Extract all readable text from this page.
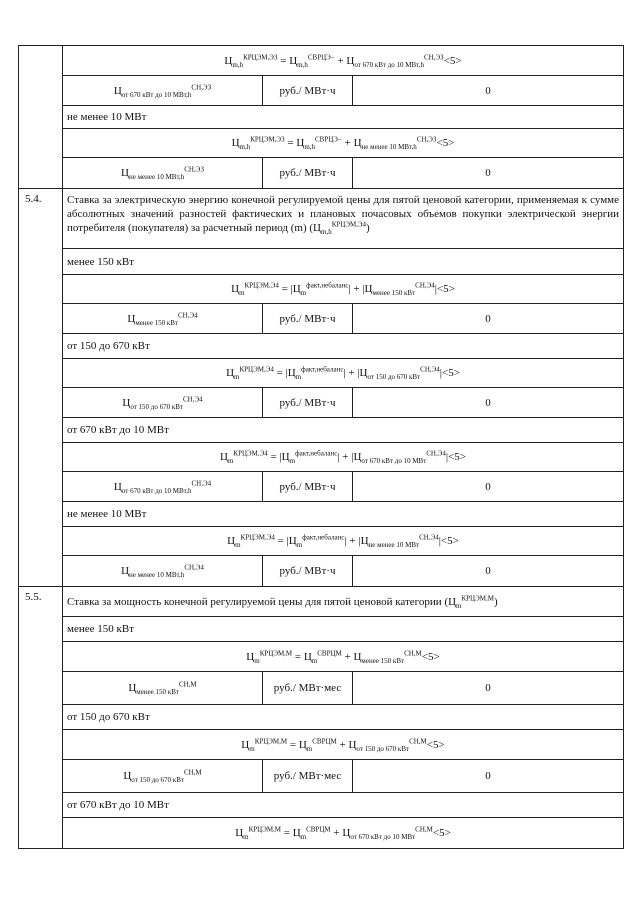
$Ц_{m,h}^{КРЦЭМ,ЭЗ} = Ц_{m,h}^{СВРЦЭ-} + Ц_{от 670 кВт до 10 МВт,h}^{СН,ЭЗ}<5>$
$Ц_{от 670 кВт до 10 МВт,h}^{СН,ЭЗ}$	руб./ МВт·ч	0
не менее 10 МВт
$Ц_{m,h}^{КРЦЭМ,ЭЗ} = Ц_{m,h}^{СВРЦЭ-} + Ц_{не менее 10 МВт,h}^{СН,ЭЗ}<5>$
$Ц_{не менее 10 МВт,h}^{СН,ЭЗ}$	руб./ МВт·ч	0
5.4.	Ставка за электрическую энергию конечной регулируемой цены для пятой ценовой категории, применяемая к сумме абсолютных значений разностей фактических и плановых почасовых объемов покупки электрической энергии потребителя (покупателя) за расчетный период (m) $(Ц_{m,h}^{КРЦЭМ,Э4})$
менее 150 кВт
$Ц_m^{КРЦЭМ,Э4} = |Ц_m^{факт,небаланс}| + |Ц_{менее 150 кВт}^{СН,Э4}|<5>$
$Ц_{менее 150 кВт}^{СН,Э4}$	руб./ МВт·ч	0
от 150 до 670 кВт
$Ц_m^{КРЦЭМ,Э4} = |Ц_m^{факт,небаланс}| + |Ц_{от 150 до 670 кВт}^{СН,Э4}|<5>$
$Ц_{от 150 до 670 кВт}^{СН,Э4}$	руб./ МВт·ч	0
от 670 кВт до 10 МВт
$Ц_m^{КРЦЭМ,Э4} = |Ц_m^{факт,небаланс}| + |Ц_{от 670 кВт до 10 МВт}^{СН,Э4}|<5>$
$Ц_{от 670 кВт до 10 МВт,h}^{СН,Э4}$	руб./ МВт·ч	0
не менее 10 МВт
$Ц_m^{КРЦЭМ,Э4} = |Ц_m^{факт,небаланс}| + |Ц_{не менее 10 МВт}^{СН,Э4}|<5>$
$Ц_{не менее 10 МВт,h}^{СН,Э4}$	руб./ МВт·ч	0
5.5.	Ставка за мощность конечной регулируемой цены для пятой ценовой категории $(Ц_m^{КРЦЭМ,М})$
менее 150 кВт
$Ц_m^{КРЦЭМ,М} = Ц_m^{СВРЦМ} + Ц_{менее 150 кВт}^{СН,М}<5>$
$Ц_{менее 150 кВт}^{СН,М}$	руб./ МВт·мес	0
от 150 до 670 кВт
$Ц_m^{КРЦЭМ,М} = Ц_m^{СВРЦМ} + Ц_{от 150 до 670 кВт}^{СН,М}<5>$
$Ц_{от 150 до 670 кВт}^{СН,М}$	руб./ МВт·мес	0
от 670 кВт до 10 МВт
$Ц_m^{КРЦЭМ,М} = Ц_m^{СВРЦМ} + Ц_{от 670 кВт до 10 МВт}^{СН,М}<5>$
